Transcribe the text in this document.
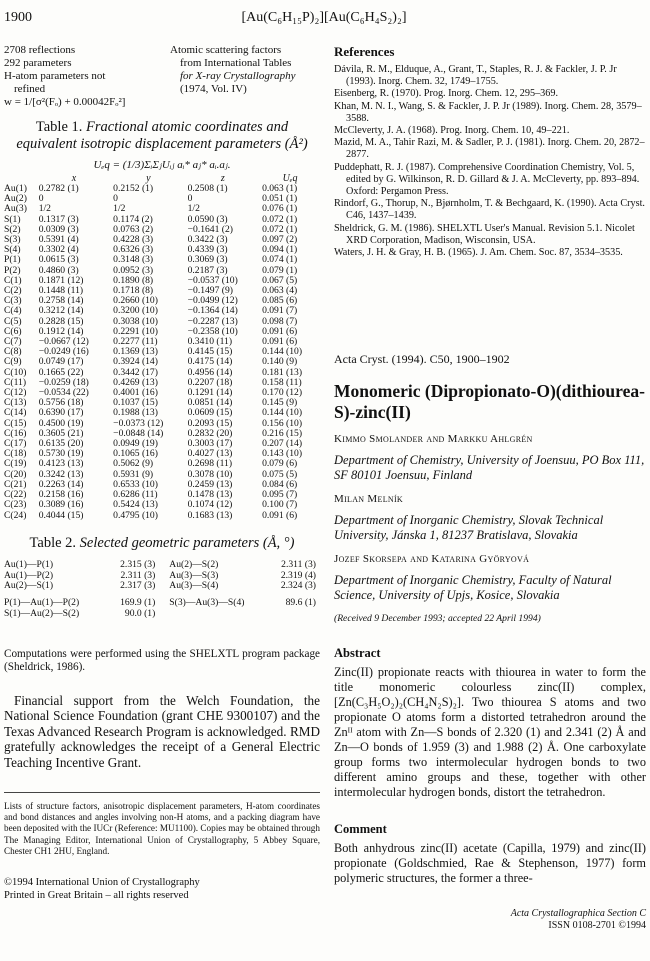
1900	[Au(C₆H₁₅P)₂][Au(C₆H₄S₂)₂]
2708 reflections
292 parameters
H-atom parameters not
refined
w = 1/[σ²(Fₒ) + 0.00042Fₒ²]
Atomic scattering factors
from International Tables
for X-ray Crystallography
(1974, Vol. IV)
Table 1. Fractional atomic coordinates and equivalent isotropic displacement parameters (Å²)
Uₑq = (1/3)ΣᵢΣⱼUᵢⱼ aᵢ* aⱼ* aᵢ.aⱼ.
	x	y	z	Uₑq
Au(1)	0.2782 (1)	0.2152 (1)	0.2508 (1)	0.063 (1)
Au(2)	0	0	0	0.051 (1)
Au(3)	1/2	1/2	1/2	0.076 (1)
S(1)	0.1317 (3)	0.1174 (2)	0.0590 (3)	0.072 (1)
S(2)	0.0309 (3)	0.0763 (2)	−0.1641 (2)	0.072 (1)
S(3)	0.5391 (4)	0.4228 (3)	0.3422 (3)	0.097 (2)
S(4)	0.3302 (4)	0.6326 (3)	0.4339 (3)	0.094 (1)
P(1)	0.0615 (3)	0.3148 (3)	0.3069 (3)	0.074 (1)
P(2)	0.4860 (3)	0.0952 (3)	0.2187 (3)	0.079 (1)
C(1)	0.1871 (12)	0.1890 (8)	−0.0537 (10)	0.067 (5)
C(2)	0.1448 (11)	0.1718 (8)	−0.1497 (9)	0.063 (4)
C(3)	0.2758 (14)	0.2660 (10)	−0.0499 (12)	0.085 (6)
C(4)	0.3212 (14)	0.3200 (10)	−0.1364 (14)	0.091 (7)
C(5)	0.2828 (15)	0.3038 (10)	−0.2287 (13)	0.098 (7)
C(6)	0.1912 (14)	0.2291 (10)	−0.2358 (10)	0.091 (6)
C(7)	−0.0667 (12)	0.2277 (11)	0.3410 (11)	0.091 (6)
C(8)	−0.0249 (16)	0.1369 (13)	0.4145 (15)	0.144 (10)
C(9)	0.0749 (17)	0.3924 (14)	0.4175 (14)	0.140 (9)
C(10)	0.1665 (22)	0.3442 (17)	0.4956 (14)	0.181 (13)
C(11)	−0.0259 (18)	0.4269 (13)	0.2207 (18)	0.158 (11)
C(12)	−0.0534 (22)	0.4001 (16)	0.1291 (14)	0.170 (12)
C(13)	0.5756 (18)	0.1037 (15)	0.0851 (14)	0.145 (9)
C(14)	0.6390 (17)	0.1988 (13)	0.0609 (15)	0.144 (10)
C(15)	0.4500 (19)	−0.0373 (12)	0.2093 (15)	0.156 (10)
C(16)	0.3605 (21)	−0.0848 (14)	0.2832 (20)	0.216 (15)
C(17)	0.6135 (20)	0.0949 (19)	0.3003 (17)	0.207 (14)
C(18)	0.5730 (19)	0.1065 (16)	0.4027 (13)	0.143 (10)
C(19)	0.4123 (13)	0.5062 (9)	0.2698 (11)	0.079 (6)
C(20)	0.3242 (13)	0.5931 (9)	0.3078 (10)	0.075 (5)
C(21)	0.2263 (14)	0.6533 (10)	0.2459 (13)	0.084 (6)
C(22)	0.2158 (16)	0.6286 (11)	0.1478 (13)	0.095 (7)
C(23)	0.3089 (16)	0.5424 (13)	0.1074 (12)	0.100 (7)
C(24)	0.4044 (15)	0.4795 (10)	0.1683 (13)	0.091 (6)
Table 2. Selected geometric parameters (Å, °)
Au(1)—P(1)	2.315 (3)	Au(2)—S(2)	2.311 (3)
Au(1)—P(2)	2.311 (3)	Au(3)—S(3)	2.319 (4)
Au(2)—S(1)	2.317 (3)	Au(3)—S(4)	2.324 (3)
P(1)—Au(1)—P(2)	169.9 (1)	S(3)—Au(3)—S(4)	89.6 (1)
S(1)—Au(2)—S(2)	90.0 (1)		
Computations were performed using the SHELXTL program package (Sheldrick, 1986).
Financial support from the Welch Foundation, the National Science Foundation (grant CHE 9300107) and the Texas Advanced Research Program is acknowledged. RMD gratefully acknowledges the receipt of a General Electric Teaching Incentive Grant.
Lists of structure factors, anisotropic displacement parameters, H-atom coordinates and bond distances and angles involving non-H atoms, and a packing diagram have been deposited with the IUCr (Reference: MU1100). Copies may be obtained through The Managing Editor, International Union of Crystallography, 5 Abbey Square, Chester CH1 2HU, England.
©1994 International Union of Crystallography
Printed in Great Britain – all rights reserved
References

Dávila, R. M., Elduque, A., Grant, T., Staples, R. J. & Fackler, J. P. Jr (1993). Inorg. Chem. 32, 1749–1755.

Eisenberg, R. (1970). Prog. Inorg. Chem. 12, 295–369.

Khan, M. N. I., Wang, S. & Fackler, J. P. Jr (1989). Inorg. Chem. 28, 3579–3588.

McCleverty, J. A. (1968). Prog. Inorg. Chem. 10, 49–221.

Mazid, M. A., Tahir Razi, M. & Sadler, P. J. (1981). Inorg. Chem. 20, 2872–2877.

Puddephatt, R. J. (1987). Comprehensive Coordination Chemistry, Vol. 5, edited by G. Wilkinson, R. D. Gillard & J. A. McCleverty, pp. 893–894. Oxford: Pergamon Press.

Rindorf, G., Thorup, N., Bjørnholm, T. & Bechgaard, K. (1990). Acta Cryst. C46, 1437–1439.

Sheldrick, G. M. (1986). SHELXTL User's Manual. Revision 5.1. Nicolet XRD Corporation, Madison, Wisconsin, USA.

Waters, J. H. & Gray, H. B. (1965). J. Am. Chem. Soc. 87, 3534–3535.

Acta Cryst. (1994). C50, 1900–1902
Monomeric (Dipropionato-O)(dithiourea-S)-zinc(II)
Kimmo Smolander and Markku Ahlgrén
Department of Chemistry, University of Joensuu, PO Box 111, SF 80101 Joensuu, Finland
Milan Melník
Department of Inorganic Chemistry, Slovak Technical University, Jánska 1, 81237 Bratislava, Slovakia
Jozef Skorsepa and Katarina Györyová
Department of Inorganic Chemistry, Faculty of Natural Science, University of Upjs, Kosice, Slovakia
(Received 9 December 1993; accepted 22 April 1994)
Abstract
Zinc(II) propionate reacts with thiourea in water to form the title monomeric colourless zinc(II) complex, [Zn(C₃H₅O₂)₂(CH₄N₂S)₂]. Two thiourea S atoms and two propionate O atoms form a distorted tetrahedron around the Znᴵᴵ atom with Zn—S bonds of 2.320 (1) and 2.341 (2) Å and Zn—O bonds of 1.959 (3) and 1.988 (2) Å. One carboxylate group forms two intermolecular hydrogen bonds to two different amino groups and these, together with other intermolecular hydrogen bonds, distort the tetrahedron.
Comment
Both anhydrous zinc(II) acetate (Capilla, 1979) and zinc(II) propionate (Goldschmied, Rae & Stephenson, 1977) form polymeric structures, the former a three-
Acta Crystallographica Section C
ISSN 0108-2701 ©1994
